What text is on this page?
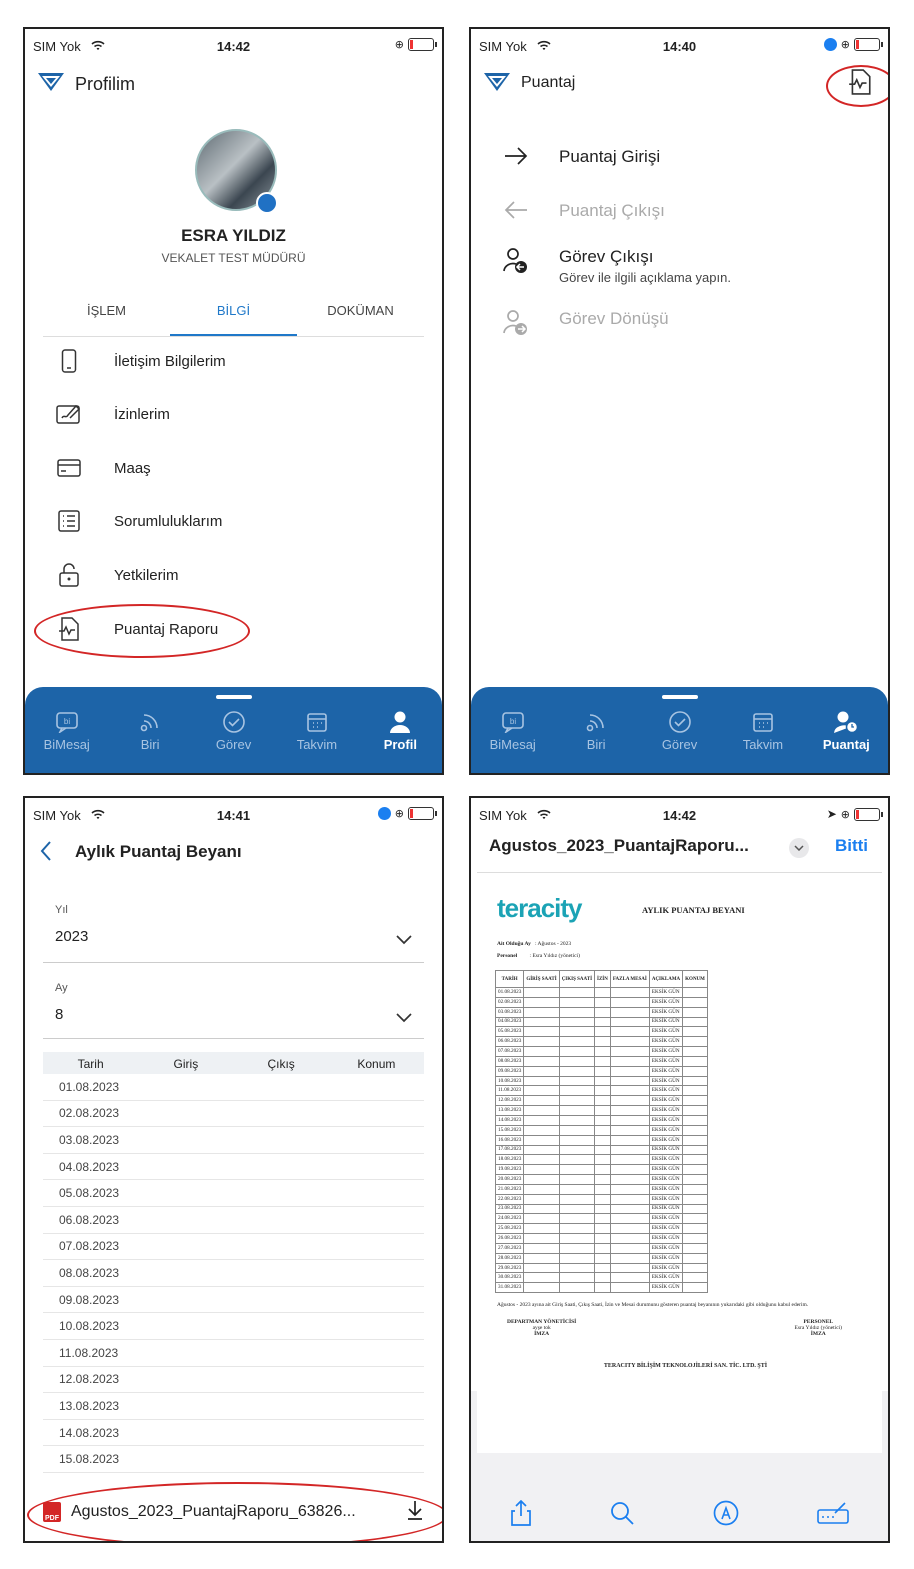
SIM Yok	14:42	⊕
Profilim
ESRA YILDIZ
VEKALET TEST MÜDÜRÜ
İŞLEM	BİLGİ	DOKÜMAN
İletişim Bilgilerim
İzinlerim
Maaş
Sorumluluklarım
Yetkilerim
Puantaj Raporu
bi
BiMesaj	Biri	Görev	Takvim	Profil
SIM Yok	14:40	⊕
Puantaj
Puantaj Girişi
Puantaj Çıkışı
Görev Çıkışı
Görev ile ilgili açıklama yapın.
Görev Dönüşü
bi
BiMesaj	Biri	Görev	Takvim	Puantaj
SIM Yok	14:41	⊕
Aylık Puantaj Beyanı
Yıl
2023
Ay
8
Tarih	Giriş	Çıkış	Konum
01.08.2023
02.08.2023
03.08.2023
04.08.2023
05.08.2023
06.08.2023
07.08.2023
08.08.2023
09.08.2023
10.08.2023
11.08.2023
12.08.2023
13.08.2023
14.08.2023
15.08.2023
PDF Agustos_2023_PuantajRaporu_63826...
SIM Yok	14:42	➤ ⊕
Agustos_2023_PuantajRaporu...	Bitti
teracity	AYLIK PUANTAJ BEYANI
Ait Olduğu Ay : Ağustos - 2023
Personel : Esra Yıldız (yönetici)
TARİH	GİRİŞ SAATİ	ÇIKIŞ SAATİ	İZİN	FAZLA MESAİ	AÇIKLAMA	KONUM
01.08.2023					EKSİK GÜN	
02.08.2023					EKSİK GÜN	
03.08.2023					EKSİK GÜN	
04.08.2023					EKSİK GÜN	
05.08.2023					EKSİK GÜN	
06.08.2023					EKSİK GÜN	
07.08.2023					EKSİK GÜN	
08.08.2023					EKSİK GÜN	
09.08.2023					EKSİK GÜN	
10.08.2023					EKSİK GÜN	
11.08.2023					EKSİK GÜN	
12.08.2023					EKSİK GÜN	
13.08.2023					EKSİK GÜN	
14.08.2023					EKSİK GÜN	
15.08.2023					EKSİK GÜN	
16.08.2023					EKSİK GÜN	
17.08.2023					EKSİK GÜN	
18.08.2023					EKSİK GÜN	
19.08.2023					EKSİK GÜN	
20.08.2023					EKSİK GÜN	
21.08.2023					EKSİK GÜN	
22.08.2023					EKSİK GÜN	
23.08.2023					EKSİK GÜN	
24.08.2023					EKSİK GÜN	
25.08.2023					EKSİK GÜN	
26.08.2023					EKSİK GÜN	
27.08.2023					EKSİK GÜN	
28.08.2023					EKSİK GÜN	
29.08.2023					EKSİK GÜN	
30.08.2023					EKSİK GÜN	
31.08.2023					EKSİK GÜN	
Ağustos - 2023 ayına ait Giriş Saati, Çıkış Saati, İzin ve Mesai durumunu gösteren puantaj beyanının yukarıdaki gibi olduğunu kabul ederim.
DEPARTMAN YÖNETİCİSİ
ayşe tok
İMZA
PERSONEL
Esra Yıldız (yönetici)
İMZA
TERACITY BİLİŞİM TEKNOLOJİLERİ SAN. TİC. LTD. ŞTİ
